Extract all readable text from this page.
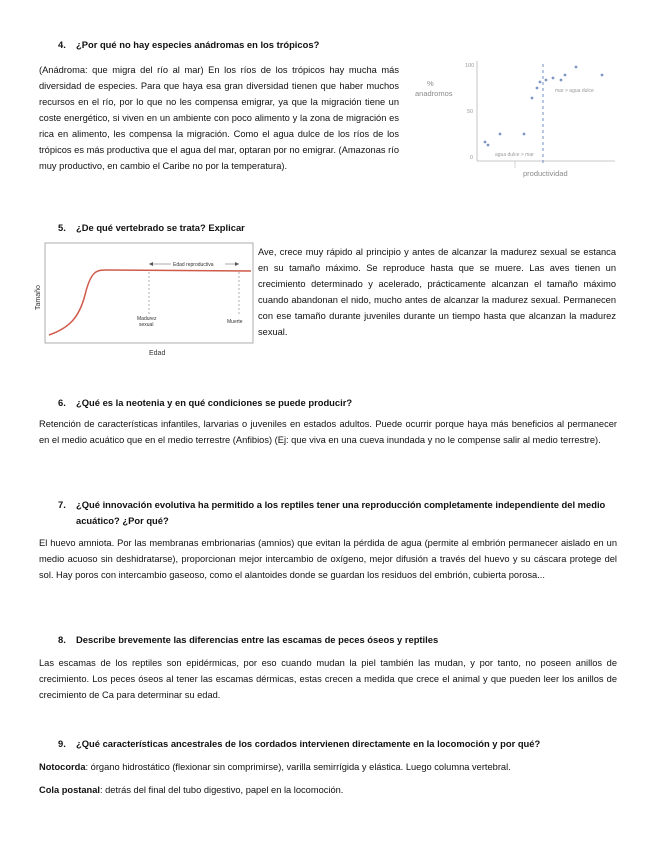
4. ¿Por qué no hay especies anádromas en los trópicos?
(Anádroma: que migra del río al mar) En los ríos de los trópicos hay mucha más diversidad de especies. Para que haya esa gran diversidad tienen que haber muchos recursos en el río, por lo que no les compensa emigrar, ya que la migración tiene un coste energético, si viven en un ambiente con poco alimento y la zona de migración es rica en alimento, les compensa la migración. Como el agua dulce de los ríos de los trópicos es más productiva que el agua del mar, optaran por no emigrar. (Amazonas río muy productivo, en cambio el Caribe no por la temperatura).
%
anadromos
100
50
0
mar > agua dulce
agua dulce > mar
productividad
5. ¿De qué vertebrado se trata? Explicar
Tamaño
Edad reproductiva
Madurez
sexual	Muerte
Edad
Ave, crece muy rápido al principio y antes de alcanzar la madurez sexual se estanca en su tamaño máximo. Se reproduce hasta que se muere. Las aves tienen un crecimiento determinado y acelerado, prácticamente alcanzan el tamaño máximo cuando abandonan el nido, mucho antes de alcanzar la madurez sexual. Permanecen con ese tamaño durante juveniles durante un tiempo hasta que alcanzan la madurez sexual.
6. ¿Qué es la neotenia y en qué condiciones se puede producir?
Retención de características infantiles, larvarias o juveniles en estados adultos. Puede ocurrir porque haya más beneficios al permanecer en el medio acuático que en el medio terrestre (Anfibios) (Ej: que viva en una cueva inundada y no le compense salir al medio terrestre).
7. ¿Qué innovación evolutiva ha permitido a los reptiles tener una reproducción completamente independiente del medio acuático? ¿Por qué?
El huevo amniota. Por las membranas embrionarias (amnios) que evitan la pérdida de agua (permite al embrión permanecer aislado en un medio acuoso sin deshidratarse), proporcionan mejor intercambio de oxígeno, mejor difusión a través del huevo y su cáscara protege del sol. Hay poros con intercambio gaseoso, como el alantoides donde se guardan los residuos del embrión, cubierta porosa...
8. Describe brevemente las diferencias entre las escamas de peces óseos y reptiles
Las escamas de los reptiles son epidérmicas, por eso cuando mudan la piel también las mudan, y por tanto, no poseen anillos de crecimiento. Los peces óseos al tener las escamas dérmicas, estas crecen a medida que crece el animal y que pueden leer los anillos de crecimiento de Ca para determinar su edad.
9. ¿Qué características ancestrales de los cordados intervienen directamente en la locomoción y por qué?
Notocorda: órgano hidrostático (flexionar sin comprimirse), varilla semirrígida y elástica. Luego columna vertebral.
Cola postanal: detrás del final del tubo digestivo, papel en la locomoción.
